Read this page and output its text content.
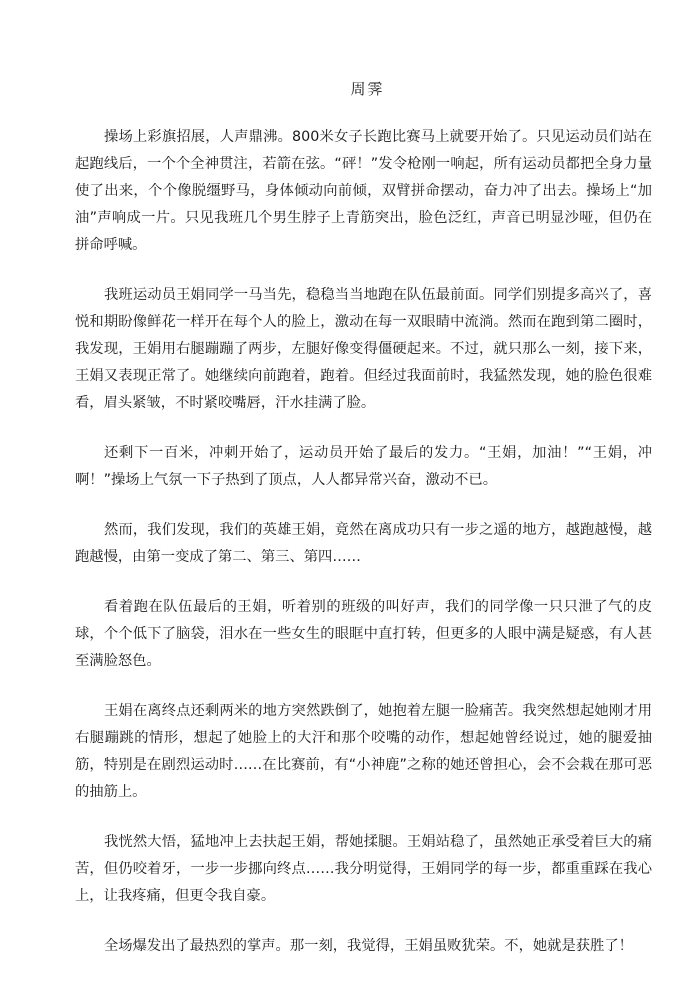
周霁

操场上彩旗招展，人声鼎沸。800米女子长跑比赛马上就要开始了。只见运动员们站在起跑线后，一个个全神贯注，若箭在弦。“砰！”发令枪刚一响起，所有运动员都把全身力量使了出来，个个像脱缰野马，身体倾动向前倾，双臂拼命摆动，奋力冲了出去。操场上“加油”声响成一片。只见我班几个男生脖子上青筋突出，脸色泛红，声音已明显沙哑，但仍在拼命呼喊。

我班运动员王娟同学一马当先，稳稳当当地跑在队伍最前面。同学们别提多高兴了，喜悦和期盼像鲜花一样开在每个人的脸上，激动在每一双眼睛中流淌。然而在跑到第二圈时，我发现，王娟用右腿蹦蹦了两步，左腿好像变得僵硬起来。不过，就只那么一刻，接下来，王娟又表现正常了。她继续向前跑着，跑着。但经过我面前时，我猛然发现，她的脸色很难看，眉头紧皱，不时紧咬嘴唇，汗水挂满了脸。

还剩下一百米，冲刺开始了，运动员开始了最后的发力。“王娟，加油！”“王娟，冲啊！”操场上气氛一下子热到了顶点，人人都异常兴奋，激动不已。

然而，我们发现，我们的英雄王娟，竟然在离成功只有一步之遥的地方，越跑越慢，越跑越慢，由第一变成了第二、第三、第四……

看着跑在队伍最后的王娟，听着别的班级的叫好声，我们的同学像一只只泄了气的皮球，个个低下了脑袋，泪水在一些女生的眼眶中直打转，但更多的人眼中满是疑惑，有人甚至满脸怒色。

王娟在离终点还剩两米的地方突然跌倒了，她抱着左腿一脸痛苦。我突然想起她刚才用右腿蹦跳的情形，想起了她脸上的大汗和那个咬嘴的动作，想起她曾经说过，她的腿爱抽筋，特别是在剧烈运动时……在比赛前，有“小神鹿”之称的她还曾担心，会不会栽在那可恶的抽筋上。

我恍然大悟，猛地冲上去扶起王娟，帮她揉腿。王娟站稳了，虽然她正承受着巨大的痛苦，但仍咬着牙，一步一步挪向终点……我分明觉得，王娟同学的每一步，都重重踩在我心上，让我疼痛，但更令我自豪。

全场爆发出了最热烈的掌声。那一刻，我觉得，王娟虽败犹荣。不，她就是获胜了！
